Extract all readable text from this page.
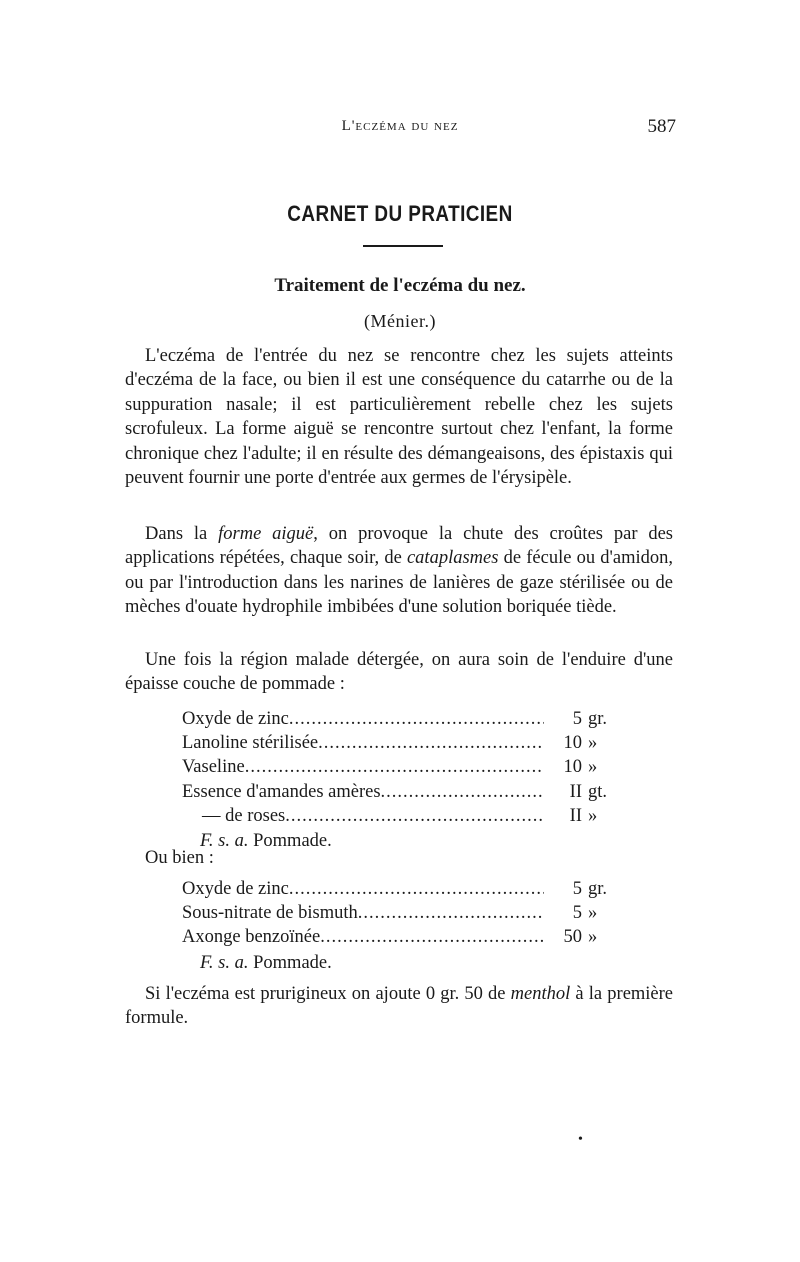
L'eczéma du nez	587
CARNET DU PRATICIEN
Traitement de l'eczéma du nez.
(Ménier.)

L'eczéma de l'entrée du nez se rencontre chez les sujets atteints d'eczéma de la face, ou bien il est une conséquence du catarrhe ou de la suppuration nasale; il est particulièrement rebelle chez les sujets scrofuleux. La forme aiguë se rencontre surtout chez l'enfant, la forme chronique chez l'adulte; il en résulte des démangeaisons, des épistaxis qui peuvent fournir une porte d'entrée aux germes de l'érysipèle.

Dans la forme aiguë, on provoque la chute des croûtes par des applications répétées, chaque soir, de cataplasmes de fécule ou d'amidon, ou par l'introduction dans les narines de lanières de gaze stérilisée ou de mèches d'ouate hydrophile imbibées d'une solution boriquée tiède.

Une fois la région malade détergée, on aura soin de l'enduire d'une épaisse couche de pommade :

Oxyde de zinc .....	5 gr.
Lanoline stérilisée .....	10 »
Vaseline .....	10 »
Essence d'amandes amères .....	II gt.
— de roses .....	II »
F. s. a. Pommade.
Ou bien :
Oxyde de zinc .....	5 gr.
Sous-nitrate de bismuth .....	5 »
Axonge benzoïnée .....	50 »
F. s. a. Pommade.

Si l'eczéma est prurigineux on ajoute 0 gr. 50 de menthol à la première formule.

•
